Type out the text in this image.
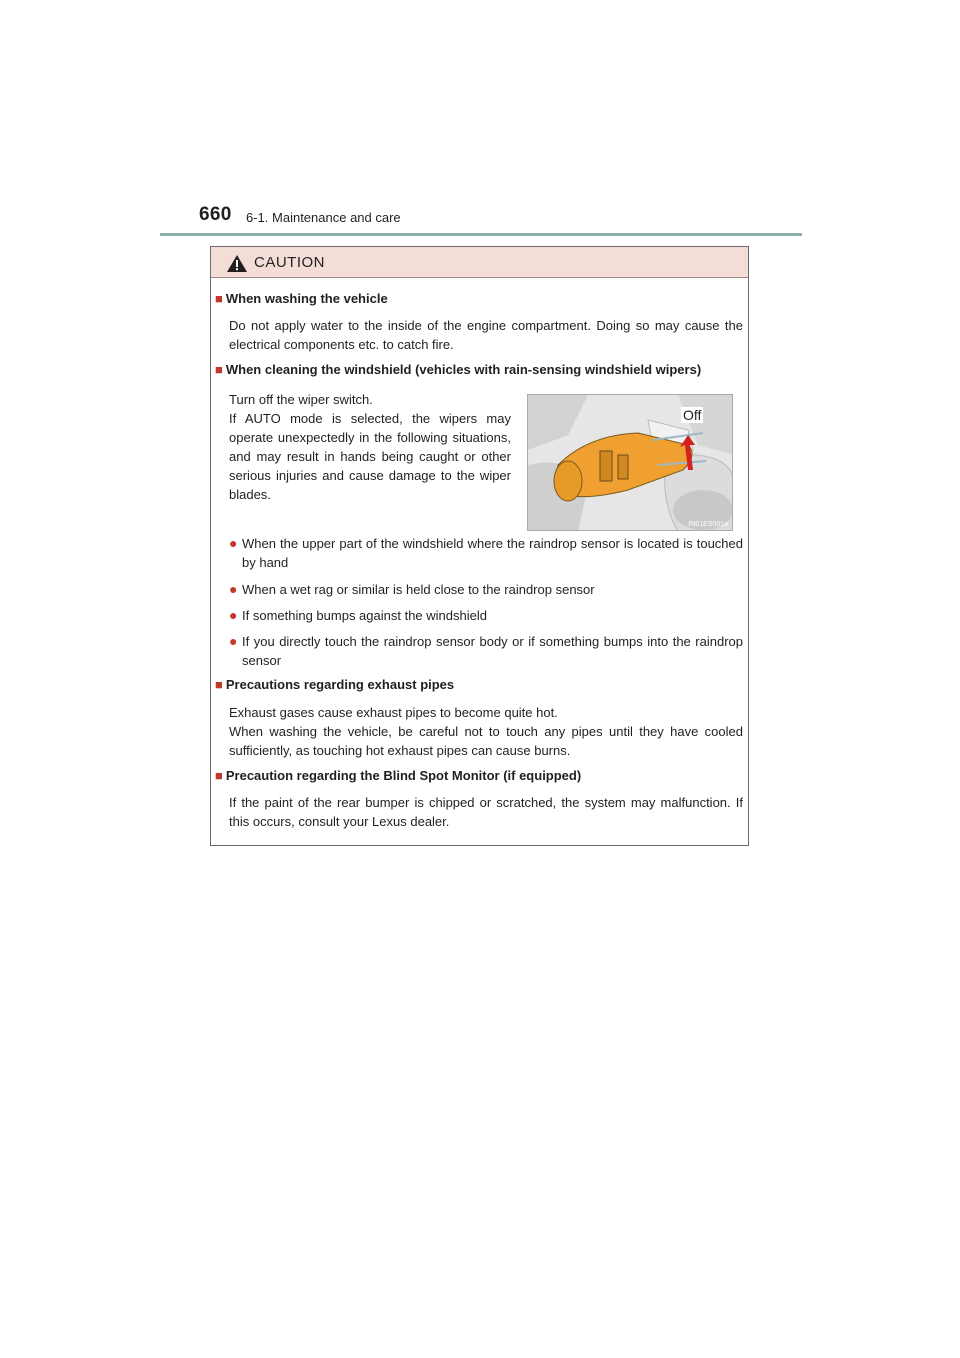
660 6-1. Maintenance and care
CAUTION
■ When washing the vehicle
Do not apply water to the inside of the engine compartment. Doing so may cause the electrical components etc. to catch fire.
■ When cleaning the windshield (vehicles with rain-sensing windshield wipers)
Turn off the wiper switch.
If AUTO mode is selected, the wipers may operate unexpectedly in the following situations, and may result in hands being caught or other serious injuries and cause damage to the wiper blades.
Off
IN61ES001a
● When the upper part of the windshield where the raindrop sensor is located is touched by hand
● When a wet rag or similar is held close to the raindrop sensor
● If something bumps against the windshield
● If you directly touch the raindrop sensor body or if something bumps into the raindrop sensor
■ Precautions regarding exhaust pipes
Exhaust gases cause exhaust pipes to become quite hot.
When washing the vehicle, be careful not to touch any pipes until they have cooled sufficiently, as touching hot exhaust pipes can cause burns.
■ Precaution regarding the Blind Spot Monitor (if equipped)
If the paint of the rear bumper is chipped or scratched, the system may malfunction. If this occurs, consult your Lexus dealer.
